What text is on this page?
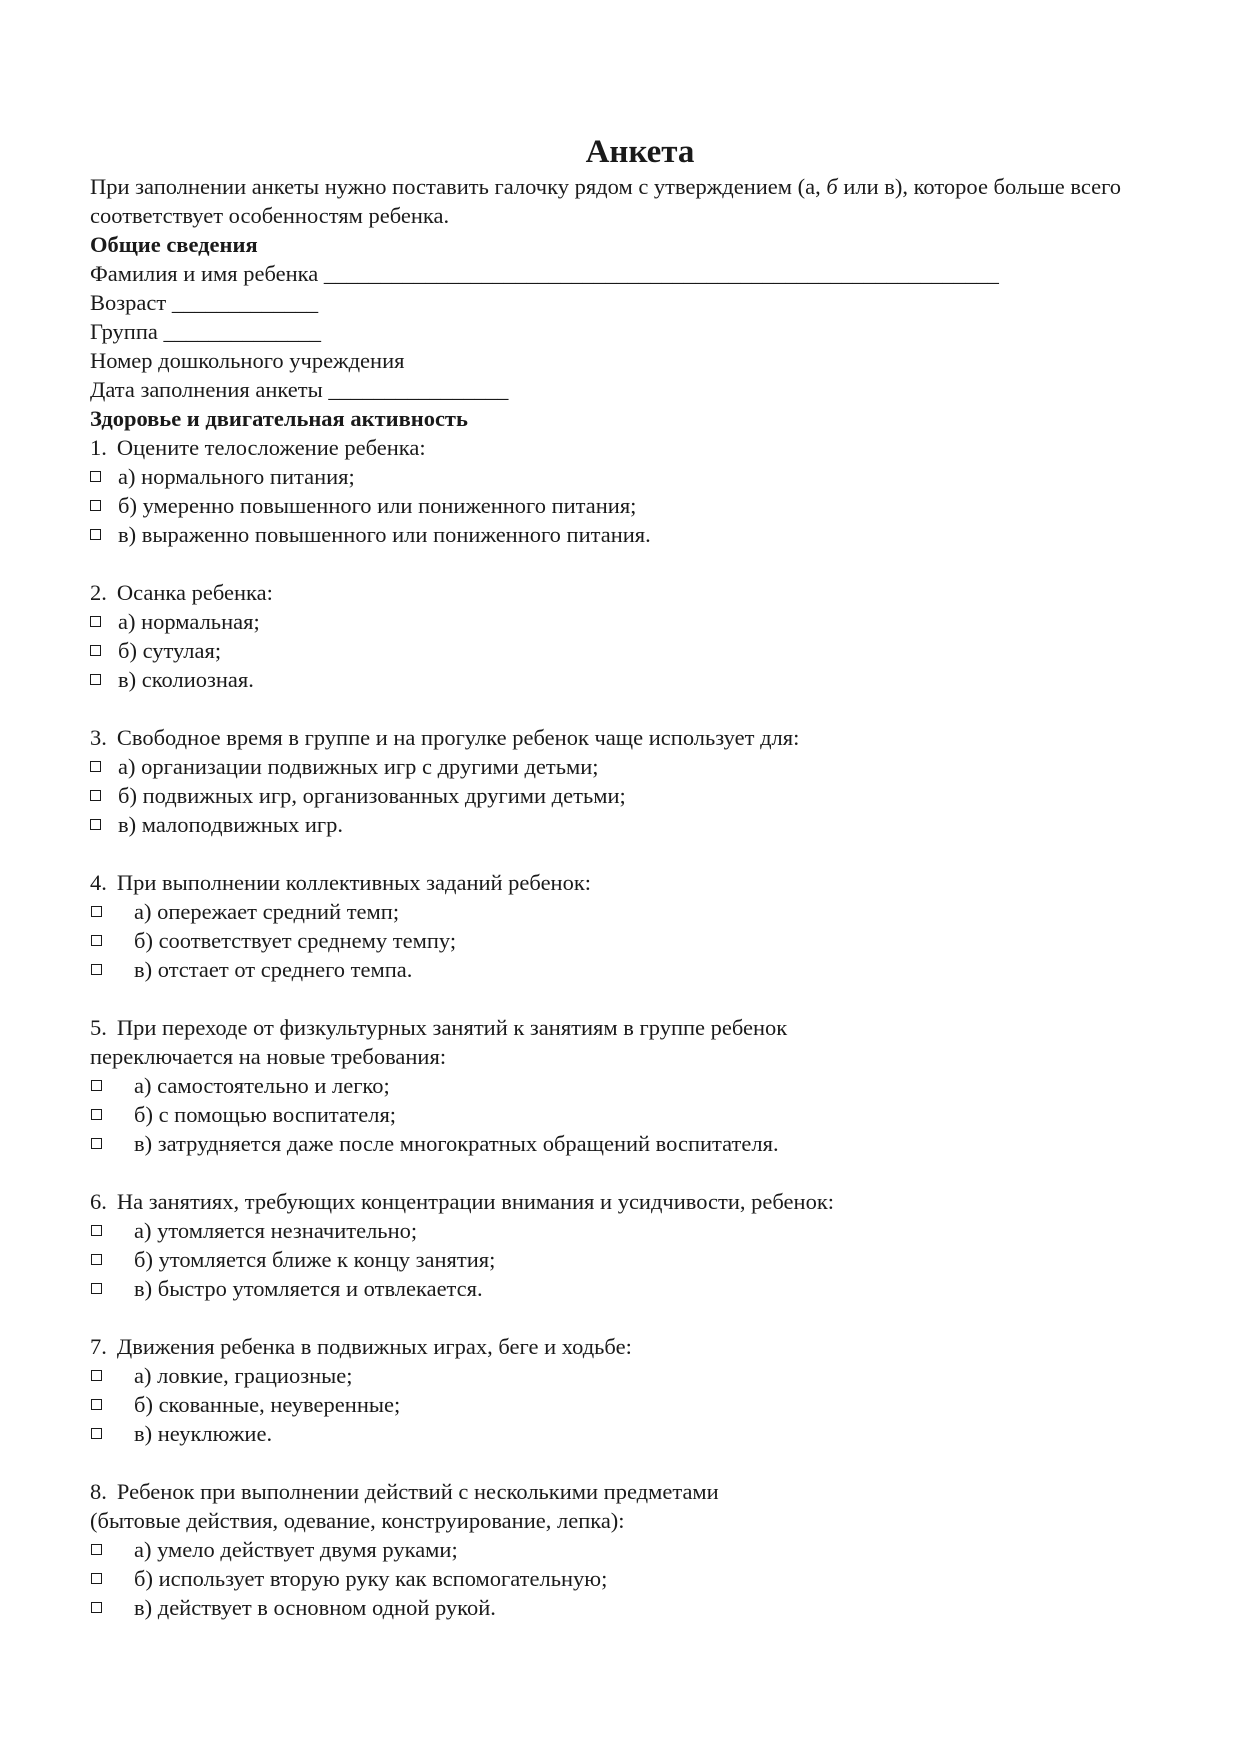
Анкета
При заполнении анкеты нужно поставить галочку рядом с утверждением (а, б или в), которое больше всего соответствует особенностям ребенка.
Общие сведения
Фамилия и имя ребенка ____________________________________________________________
Возраст _____________
Группа ______________
Номер дошкольного учреждения
Дата заполнения анкеты ________________
Здоровье и двигательная активность
1. Оцените телосложение ребенка:
а) нормального питания;
б) умеренно повышенного или пониженного питания;
в) выраженно повышенного или пониженного питания.
2. Осанка ребенка:
а) нормальная;
б) сутулая;
в) сколиозная.
3. Свободное время в группе и на прогулке ребенок чаще использует для:
а) организации подвижных игр с другими детьми;
б) подвижных игр, организованных другими детьми;
в) малоподвижных игр.
4. При выполнении коллективных заданий ребенок:
а) опережает средний темп;
б) соответствует среднему темпу;
в) отстает от среднего темпа.
5. При переходе от физкультурных занятий к занятиям в группе ребенок
переключается на новые требования:
а) самостоятельно и легко;
б) с помощью воспитателя;
в) затрудняется даже после многократных обращений воспитателя.
6. На занятиях, требующих концентрации внимания и усидчивости, ребенок:
а) утомляется незначительно;
б) утомляется ближе к концу занятия;
в) быстро утомляется и отвлекается.
7. Движения ребенка в подвижных играх, беге и ходьбе:
а) ловкие, грациозные;
б) скованные, неуверенные;
в) неуклюжие.
8. Ребенок при выполнении действий с несколькими предметами
(бытовые действия, одевание, конструирование, лепка):
а) умело действует двумя руками;
б) использует вторую руку как вспомогательную;
в) действует в основном одной рукой.
